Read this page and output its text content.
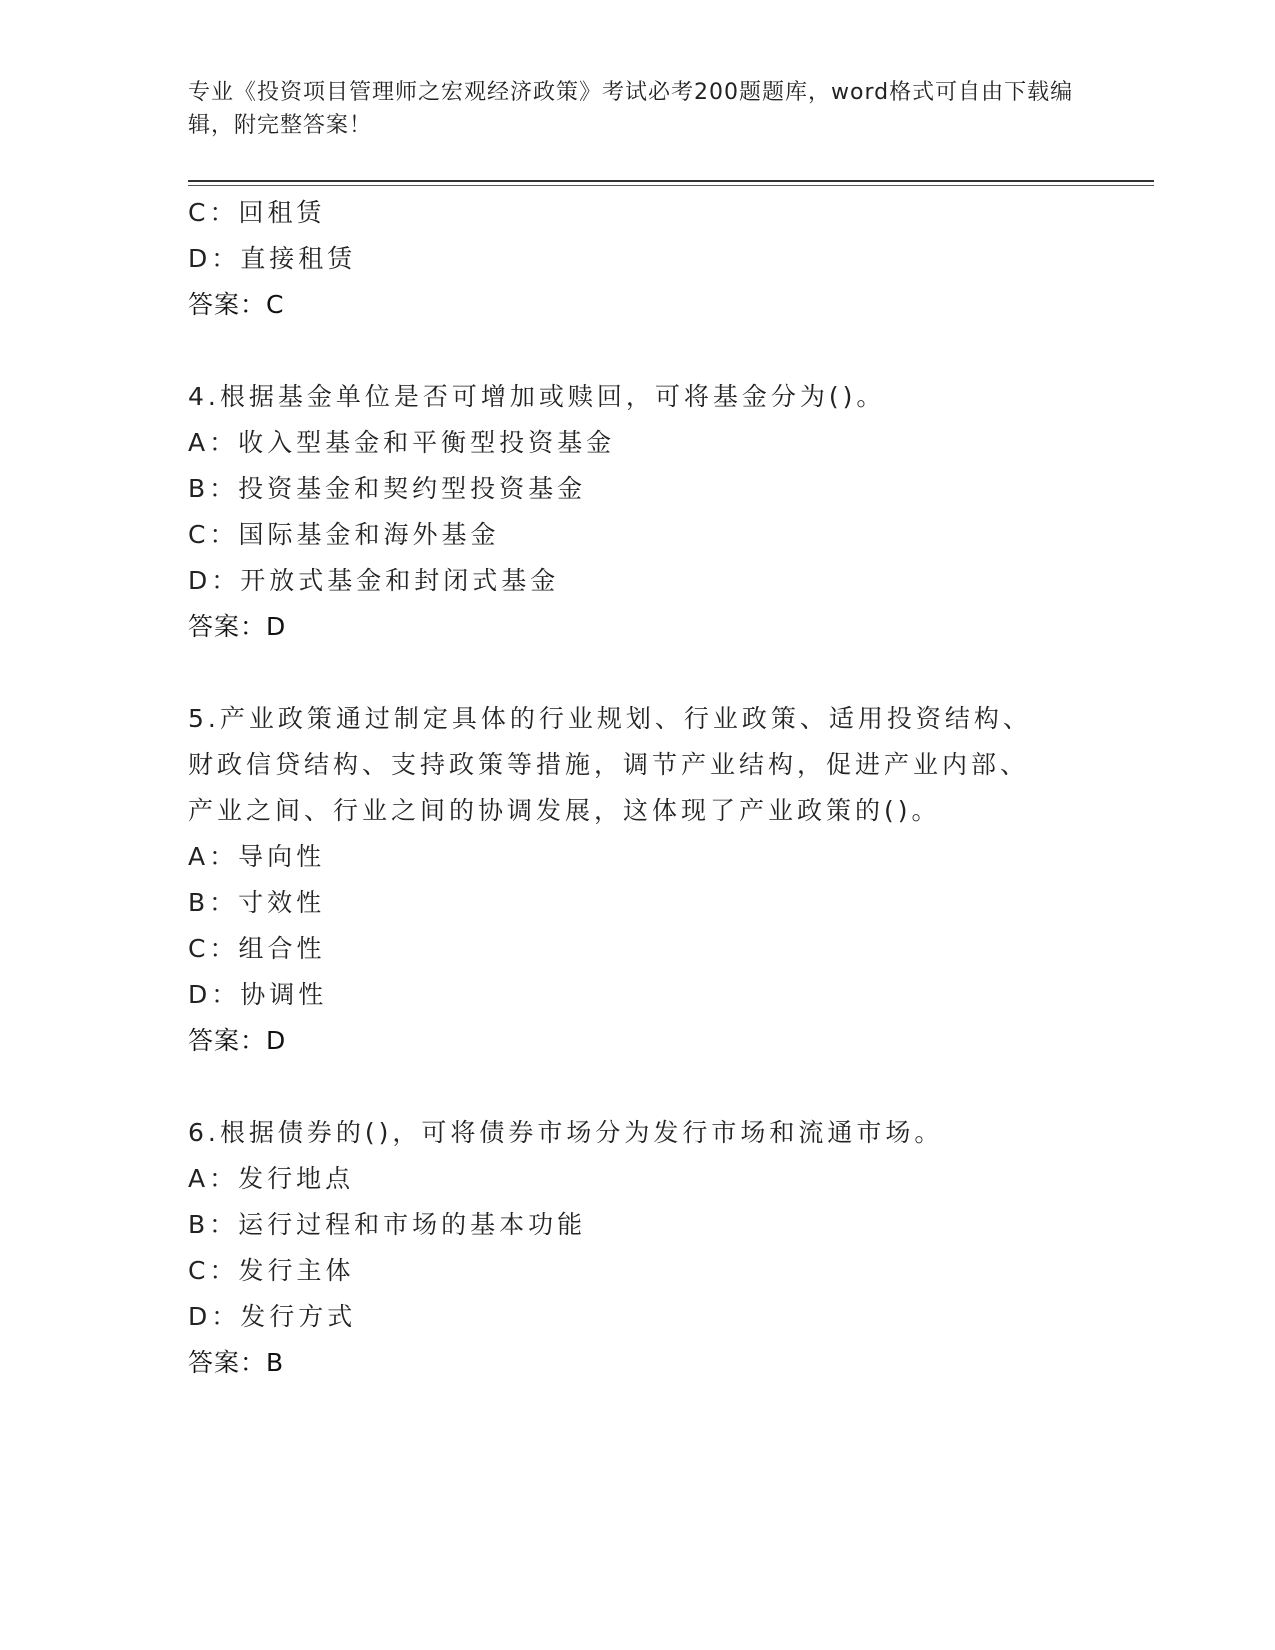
专业《投资项目管理师之宏观经济政策》考试必考200题题库，word格式可自由下载编辑，附完整答案！
C：回租赁
D：直接租赁
答案：C
4.根据基金单位是否可增加或赎回，可将基金分为()。
A：收入型基金和平衡型投资基金
B：投资基金和契约型投资基金
C：国际基金和海外基金
D：开放式基金和封闭式基金
答案：D
5.产业政策通过制定具体的行业规划、行业政策、适用投资结构、财政信贷结构、支持政策等措施，调节产业结构，促进产业内部、产业之间、行业之间的协调发展，这体现了产业政策的()。
A：导向性
B：寸效性
C：组合性
D：协调性
答案：D
6.根据债券的()，可将债券市场分为发行市场和流通市场。
A：发行地点
B：运行过程和市场的基本功能
C：发行主体
D：发行方式
答案：B
